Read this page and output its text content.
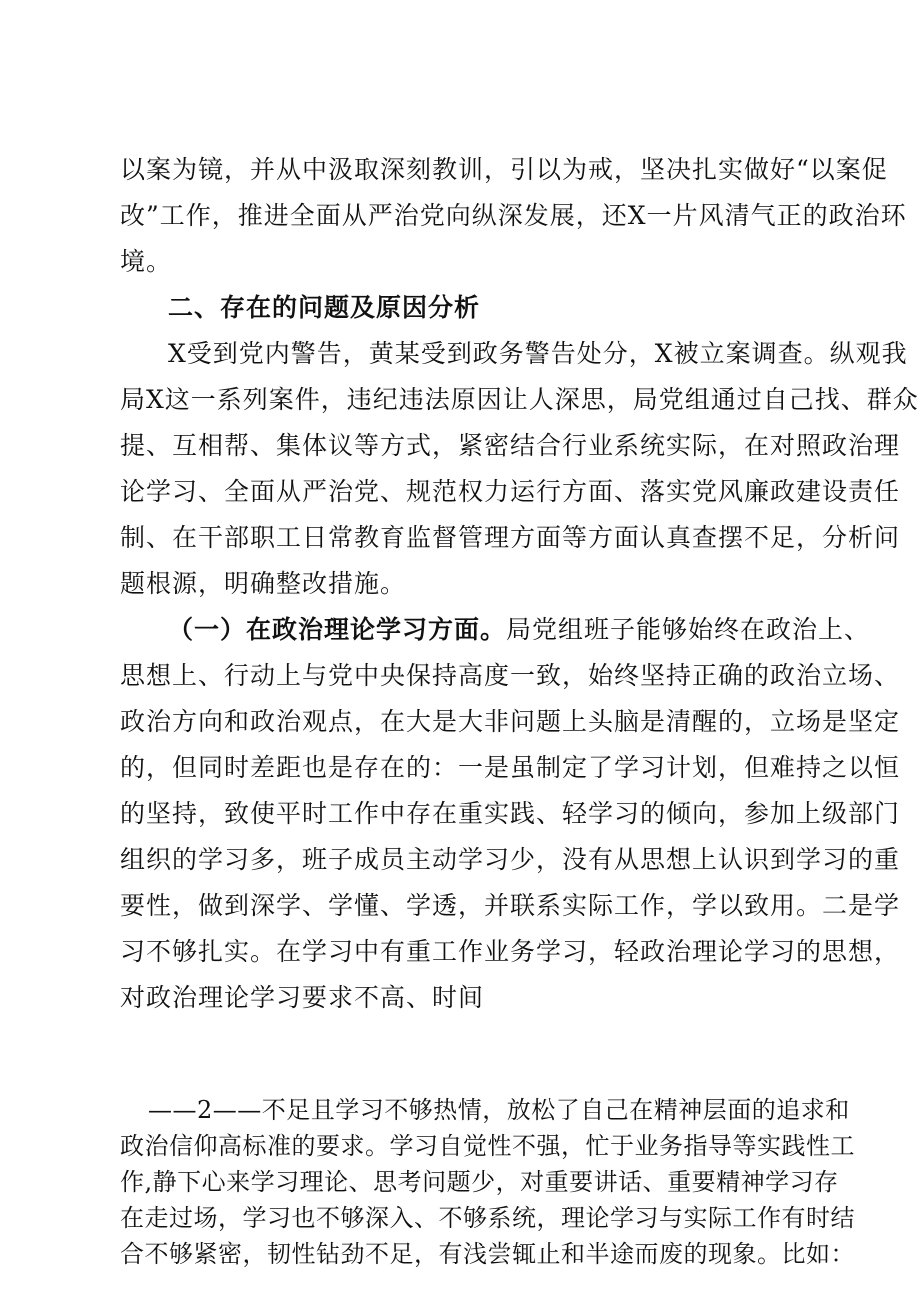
以案为镜，并从中汲取深刻教训，引以为戒，坚决扎实做好“以案促
改”工作，推进全面从严治党向纵深发展，还X一片风清气正的政治环
境。
二、存在的问题及原因分析
X受到党内警告，黄某受到政务警告处分，X被立案调查。纵观我
局X这一系列案件，违纪违法原因让人深思，局党组通过自己找、群众
提、互相帮、集体议等方式，紧密结合行业系统实际，在对照政治理
论学习、全面从严治党、规范权力运行方面、落实党风廉政建设责任
制、在干部职工日常教育监督管理方面等方面认真查摆不足，分析问
题根源，明确整改措施。
（一）在政治理论学习方面。局党组班子能够始终在政治上、
思想上、行动上与党中央保持高度一致，始终坚持正确的政治立场、
政治方向和政治观点，在大是大非问题上头脑是清醒的，立场是坚定
的，但同时差距也是存在的：一是虽制定了学习计划，但难持之以恒
的坚持，致使平时工作中存在重实践、轻学习的倾向，参加上级部门
组织的学习多，班子成员主动学习少，没有从思想上认识到学习的重
要性，做到深学、学懂、学透，并联系实际工作，学以致用。二是学
习不够扎实。在学习中有重工作业务学习，轻政治理论学习的思想，
对政治理论学习要求不高、时间
——2——不足且学习不够热情，放松了自己在精神层面的追求和
政治信仰高标准的要求。学习自觉性不强，忙于业务指导等实践性工
作,静下心来学习理论、思考问题少，对重要讲话、重要精神学习存
在走过场，学习也不够深入、不够系统，理论学习与实际工作有时结
合不够紧密，韧性钻劲不足，有浅尝辄止和半途而废的现象。比如：
